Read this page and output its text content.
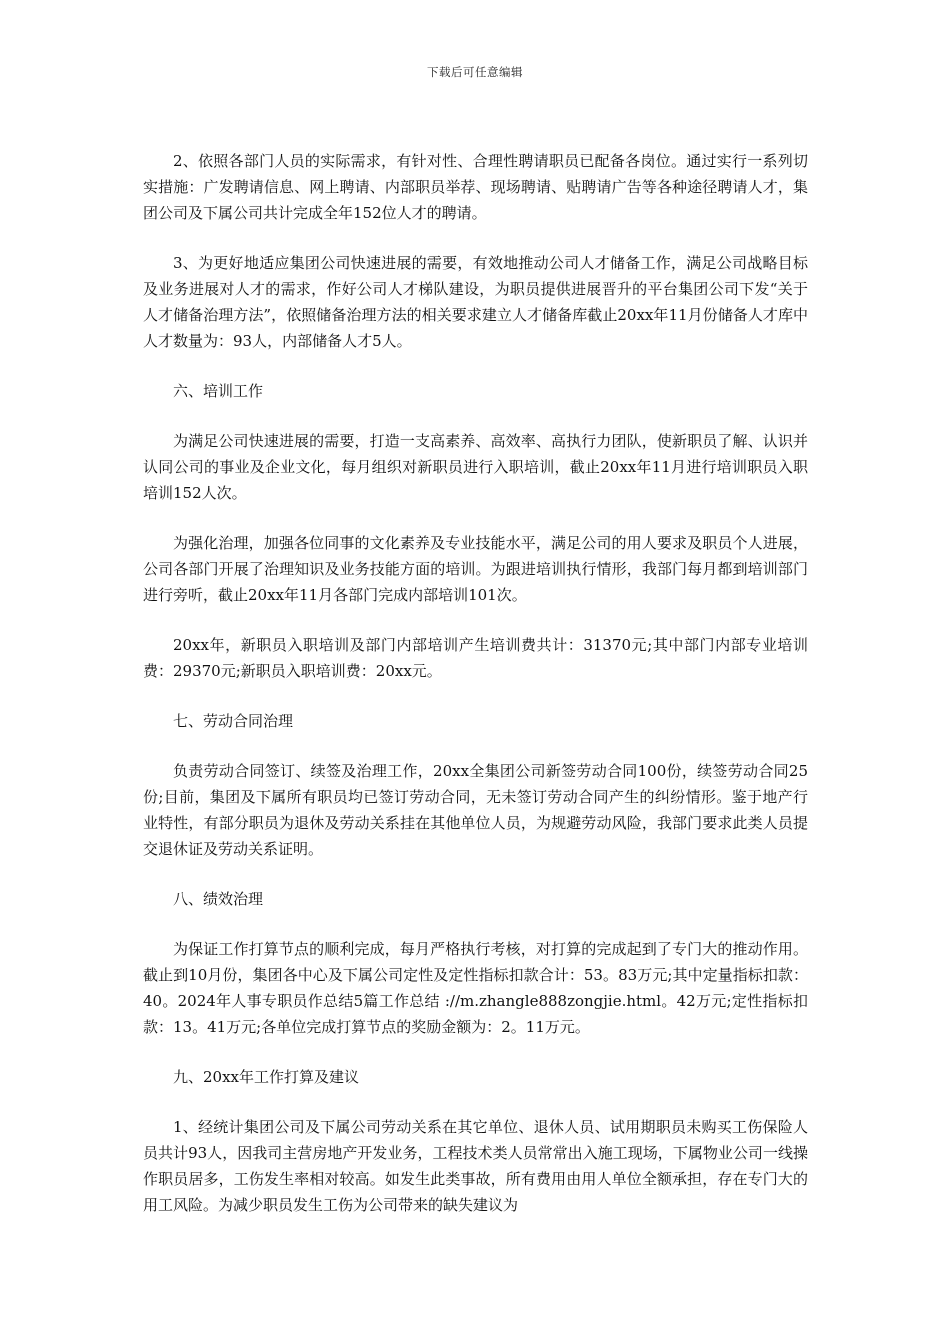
下载后可任意编辑

2、依照各部门人员的实际需求，有针对性、合理性聘请职员已配备各岗位。通过实行一系列切实措施：广发聘请信息、网上聘请、内部职员举荐、现场聘请、贴聘请广告等各种途径聘请人才，集团公司及下属公司共计完成全年152位人才的聘请。

3、为更好地适应集团公司快速进展的需要，有效地推动公司人才储备工作，满足公司战略目标及业务进展对人才的需求，作好公司人才梯队建设，为职员提供进展晋升的平台集团公司下发“关于人才储备治理方法”，依照储备治理方法的相关要求建立人才储备库截止20xx年11月份储备人才库中人才数量为：93人，内部储备人才5人。

六、培训工作

为满足公司快速进展的需要，打造一支高素养、高效率、高执行力团队，使新职员了解、认识并认同公司的事业及企业文化，每月组织对新职员进行入职培训，截止20xx年11月进行培训职员入职培训152人次。

为强化治理，加强各位同事的文化素养及专业技能水平，满足公司的用人要求及职员个人进展，公司各部门开展了治理知识及业务技能方面的培训。为跟进培训执行情形，我部门每月都到培训部门进行旁听，截止20xx年11月各部门完成内部培训101次。

20xx年，新职员入职培训及部门内部培训产生培训费共计：31370元;其中部门内部专业培训费：29370元;新职员入职培训费：20xx元。

七、劳动合同治理

负责劳动合同签订、续签及治理工作，20xx全集团公司新签劳动合同100份，续签劳动合同25份;目前，集团及下属所有职员均已签订劳动合同，无未签订劳动合同产生的纠纷情形。鉴于地产行业特性，有部分职员为退休及劳动关系挂在其他单位人员，为规避劳动风险，我部门要求此类人员提交退休证及劳动关系证明。

八、绩效治理

为保证工作打算节点的顺利完成，每月严格执行考核，对打算的完成起到了专门大的推动作用。截止到10月份，集团各中心及下属公司定性及定性指标扣款合计：53。83万元;其中定量指标扣款：40。2024年人事专职员作总结5篇工作总结 ://m.zhangle888zongjie.html。42万元;定性指标扣款：13。41万元;各单位完成打算节点的奖励金额为：2。11万元。

九、20xx年工作打算及建议

1、经统计集团公司及下属公司劳动关系在其它单位、退休人员、试用期职员未购买工伤保险人员共计93人，因我司主营房地产开发业务，工程技术类人员常常出入施工现场，下属物业公司一线操作职员居多，工伤发生率相对较高。如发生此类事故，所有费用由用人单位全额承担，存在专门大的用工风险。为减少职员发生工伤为公司带来的缺失建议为
